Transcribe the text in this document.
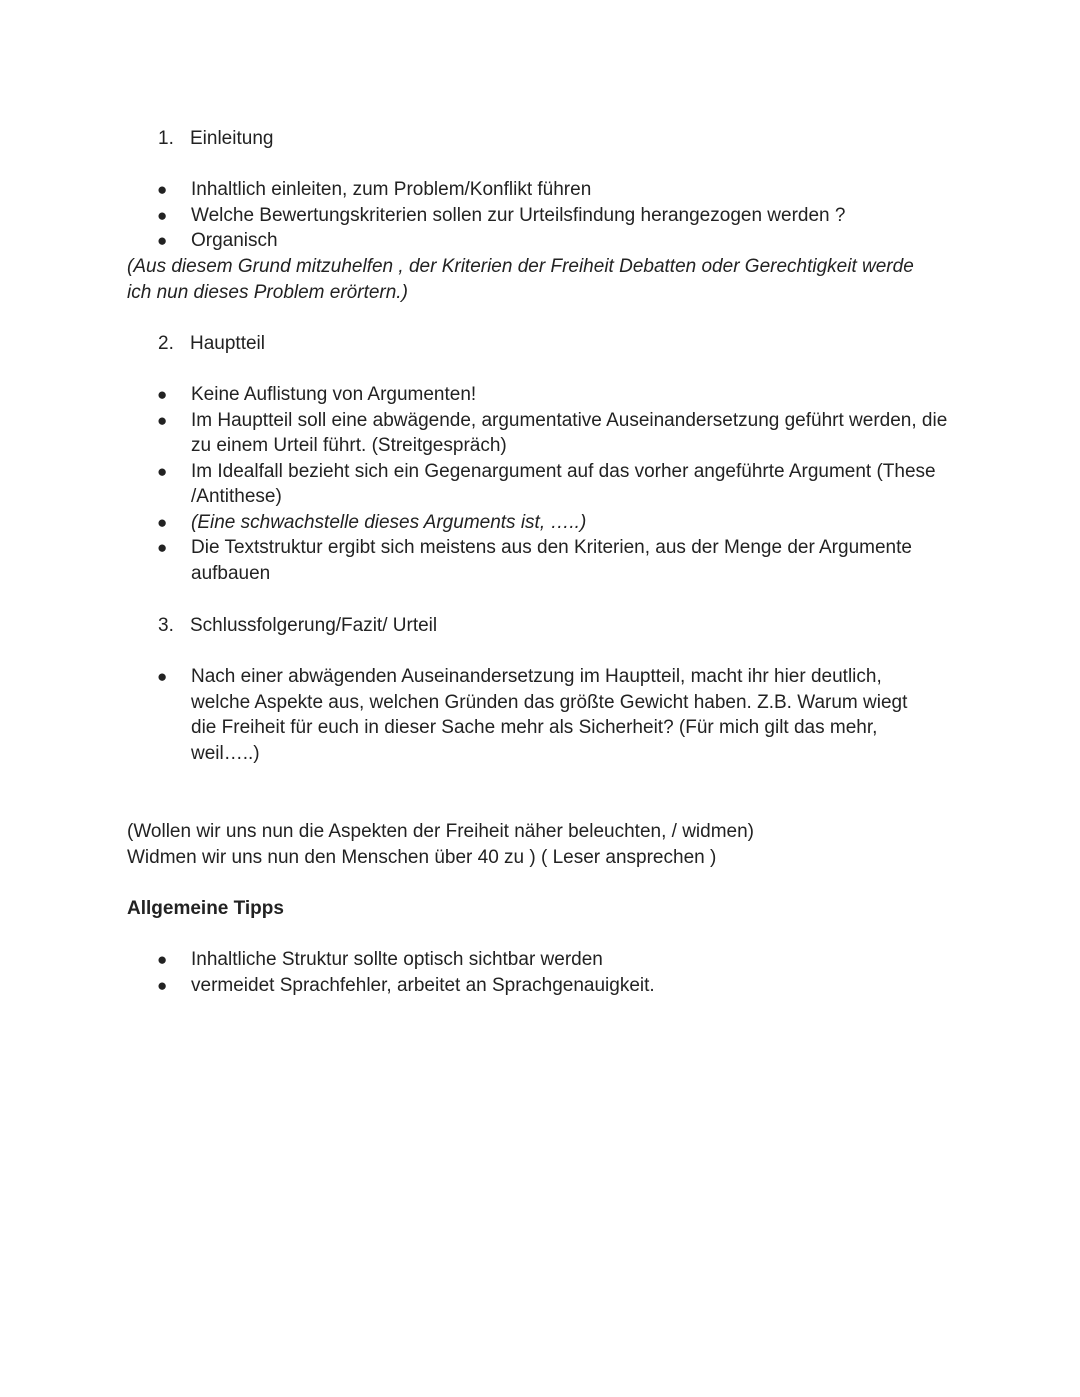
1. Einleitung
● Inhaltlich einleiten, zum Problem/Konflikt führen
● Welche Bewertungskriterien sollen zur Urteilsfindung herangezogen werden ?
● Organisch
(Aus diesem Grund mitzuhelfen , der Kriterien der Freiheit Debatten oder Gerechtigkeit werde ich nun dieses Problem erörtern.)
2. Hauptteil
● Keine Auflistung von Argumenten!
● Im Hauptteil soll eine abwägende, argumentative Auseinandersetzung geführt werden, die zu einem Urteil führt. (Streitgespräch)
● Im Idealfall bezieht sich ein Gegenargument auf das vorher angeführte Argument (These /Antithese)
● (Eine schwachstelle dieses Arguments ist, …..)
● Die Textstruktur ergibt sich meistens aus den Kriterien, aus der Menge der Argumente aufbauen
3. Schlussfolgerung/Fazit/ Urteil
● Nach einer abwägenden Auseinandersetzung im Hauptteil, macht ihr hier deutlich, welche Aspekte aus, welchen Gründen das größte Gewicht haben. Z.B. Warum wiegt die Freiheit für euch in dieser Sache mehr als Sicherheit? (Für mich gilt das mehr, weil…..)
(Wollen wir uns nun die Aspekten der Freiheit näher beleuchten, / widmen)
Widmen wir uns nun den Menschen über 40 zu ) ( Leser ansprechen )
Allgemeine Tipps
● Inhaltliche Struktur sollte optisch sichtbar werden
● vermeidet Sprachfehler, arbeitet an Sprachgenauigkeit.
